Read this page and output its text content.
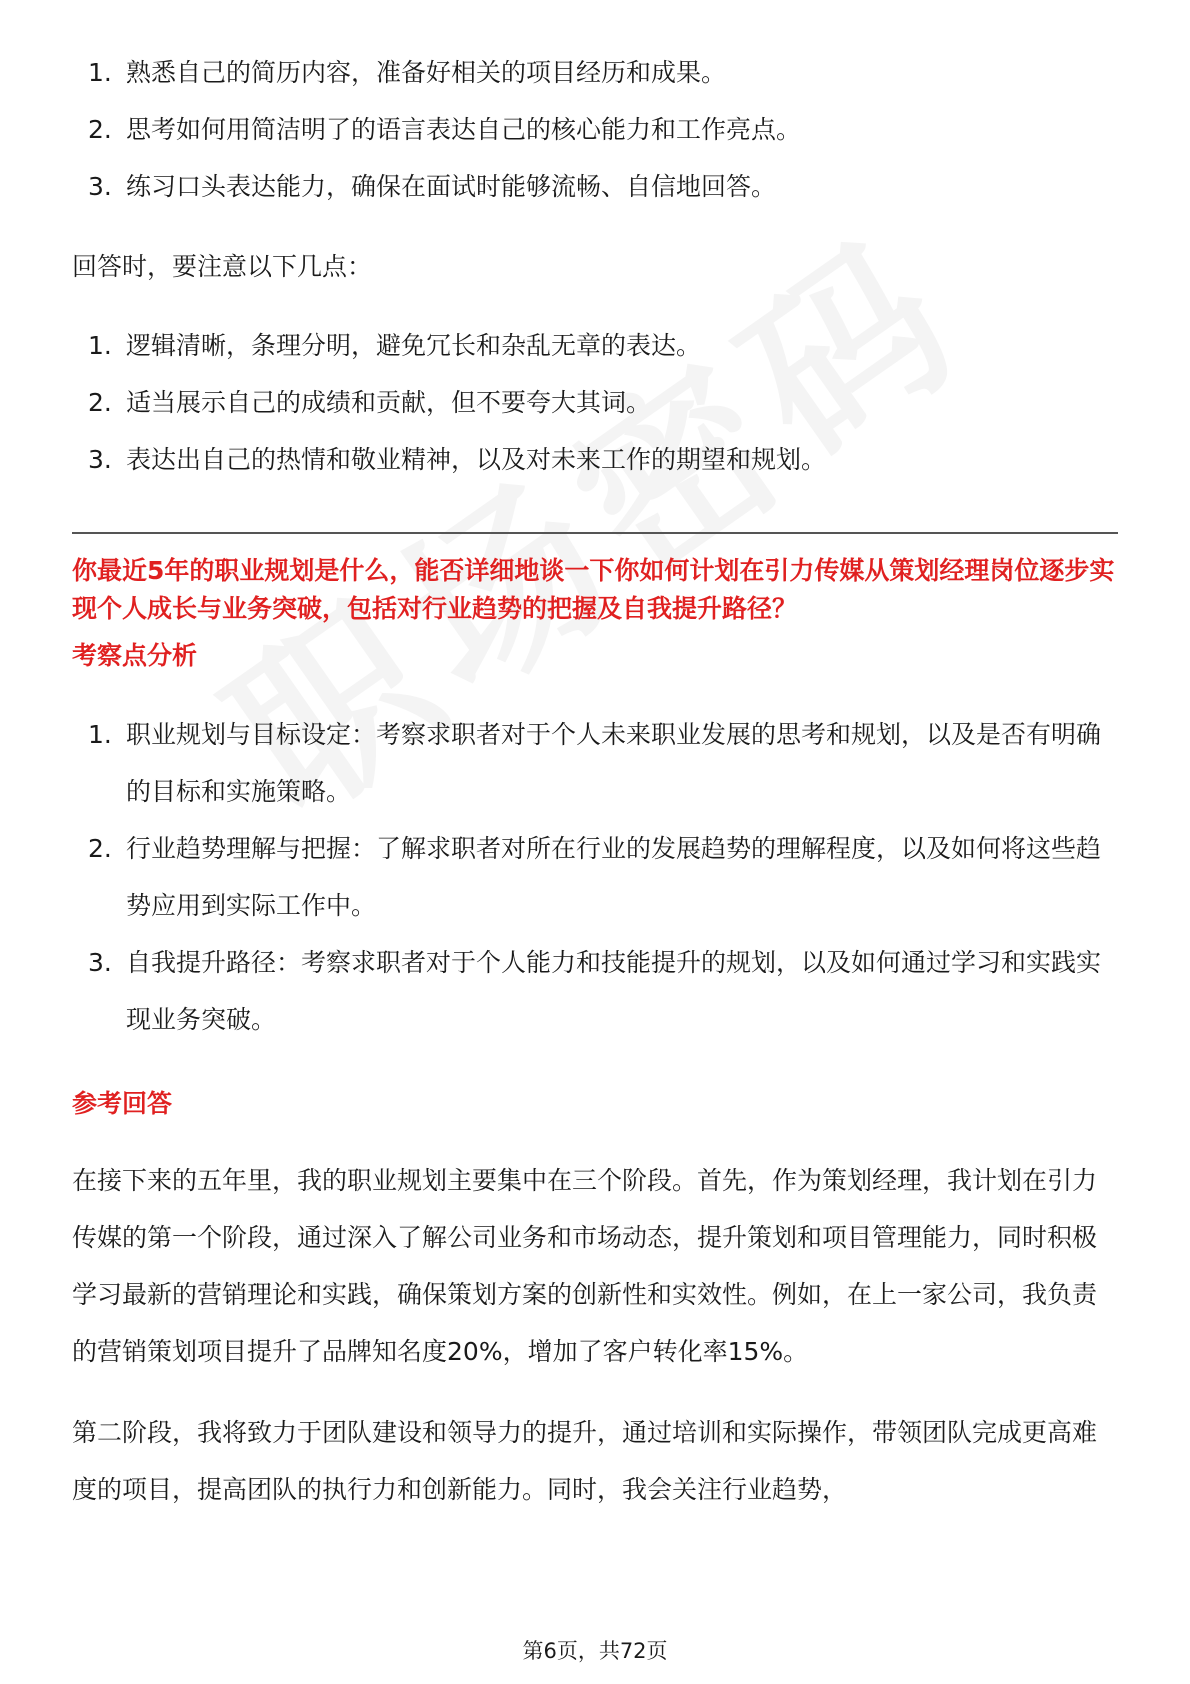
1. 熟悉自己的简历内容，准备好相关的项目经历和成果。
2. 思考如何用简洁明了的语言表达自己的核心能力和工作亮点。
3. 练习口头表达能力，确保在面试时能够流畅、自信地回答。

回答时，要注意以下几点：

1. 逻辑清晰，条理分明，避免冗长和杂乱无章的表达。
2. 适当展示自己的成绩和贡献，但不要夸大其词。
3. 表达出自己的热情和敬业精神，以及对未来工作的期望和规划。

你最近5年的职业规划是什么，能否详细地谈一下你如何计划在引力传媒从策划经理岗位逐步实现个人成长与业务突破，包括对行业趋势的把握及自我提升路径？

考察点分析

1. 职业规划与目标设定：考察求职者对于个人未来职业发展的思考和规划，以及是否有明确的目标和实施策略。
2. 行业趋势理解与把握：了解求职者对所在行业的发展趋势的理解程度，以及如何将这些趋势应用到实际工作中。
3. 自我提升路径：考察求职者对于个人能力和技能提升的规划，以及如何通过学习和实践实现业务突破。

参考回答

在接下来的五年里，我的职业规划主要集中在三个阶段。首先，作为策划经理，我计划在引力传媒的第一个阶段，通过深入了解公司业务和市场动态，提升策划和项目管理能力，同时积极学习最新的营销理论和实践，确保策划方案的创新性和实效性。例如，在上一家公司，我负责的营销策划项目提升了品牌知名度20%，增加了客户转化率15%。

第二阶段，我将致力于团队建设和领导力的提升，通过培训和实际操作，带领团队完成更高难度的项目，提高团队的执行力和创新能力。同时，我会关注行业趋势，

第6页，共72页
